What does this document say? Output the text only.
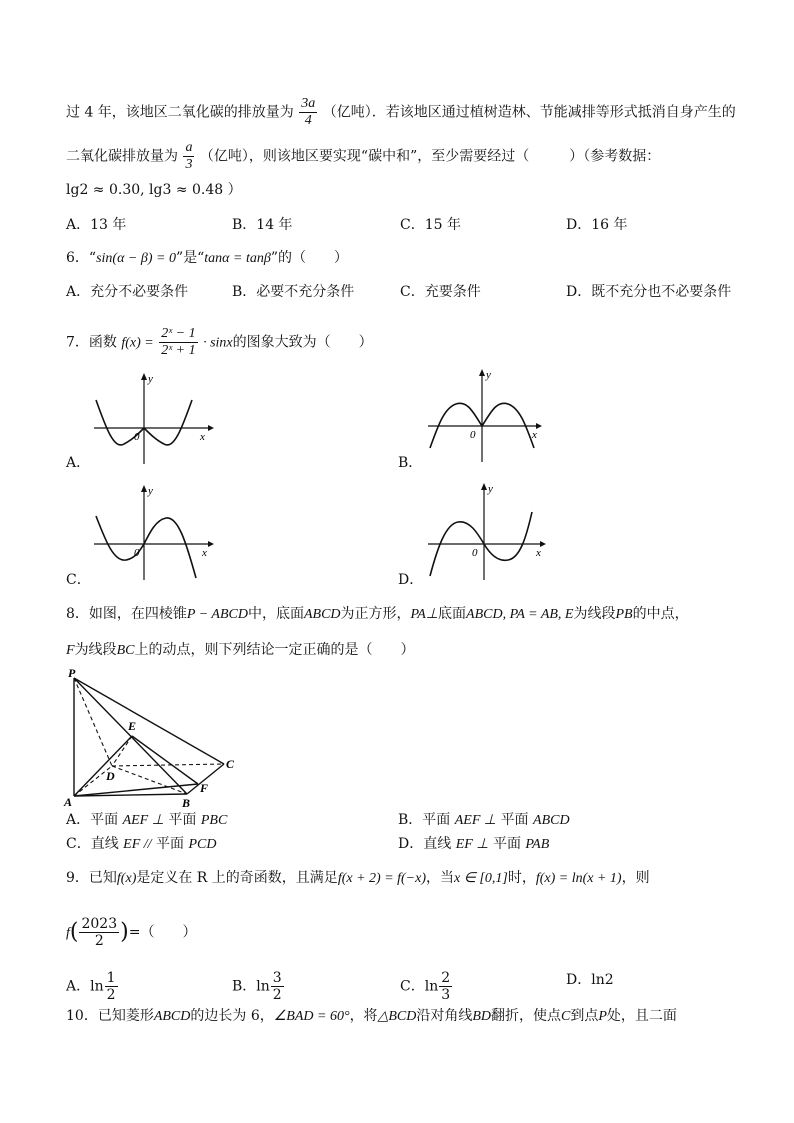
过 4 年，该地区二氧化碳的排放量为 $\frac{3a}{4}$ （亿吨）．若该地区通过植树造林、节能减排等形式抵消自身产生的
二氧化碳排放量为 $\frac{a}{3}$ （亿吨），则该地区要实现“碳中和”，至少需要经过（	）（参考数据：
lg2 ≈ 0.30, lg3 ≈ 0.48 ）
A．13 年	B．14 年	C．15 年	D．16 年
6．“sin(α − β) = 0”是“tanα = tanβ”的（　　）
A．充分不必要条件	B．必要不充分条件	C．充要条件	D．既不充分也不必要条件
7．函数 $f(x) = \frac{\text{2ˣ − 1}}{\text{2ˣ + 1}} \cdot \sin x$的图象大致为（　　）
A．
y
x
0
B．
y
x
0
C．
y
x
0
D．
y
x
0
8．如图，在四棱锥P − ABCD中，底面ABCD为正方形，PA⊥底面ABCD, PA = AB, E为线段PB的中点，
F为线段BC上的动点，则下列结论一定正确的是（　　）
P
E
D
C
A	B
F
A．平面 AEF ⊥ 平面 PBC	B．平面 AEF ⊥ 平面 ABCD
C．直线 EF // 平面 PCD	D．直线 EF ⊥ 平面 PAB
9．已知f(x)是定义在 R 上的奇函数，且满足f(x + 2) = f(−x)，当x ∈ [0,1]时，f(x) = ln(x + 1)，则
$f( \frac{2023}{2}$ )=（　　）
A．$\ln \frac{1}{2}$	B．$\ln \frac{3}{2}$	C．$\ln \frac{2}{3}$	D．ln2
10．已知菱形ABCD的边长为 6，∠BAD = 60°，将△BCD沿对角线BD翻折，使点C到点P处，且二面
